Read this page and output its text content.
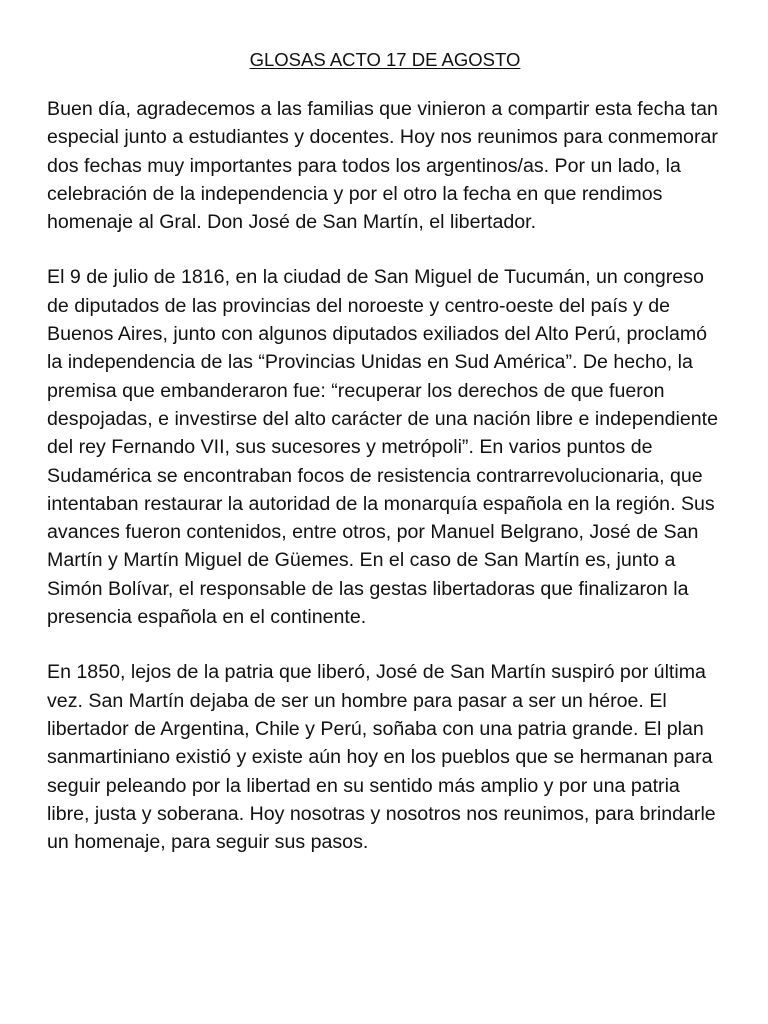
GLOSAS ACTO 17 DE AGOSTO

Buen día, agradecemos a las familias que vinieron a compartir esta fecha tan especial junto a estudiantes y docentes. Hoy nos reunimos para conmemorar dos fechas muy importantes para todos los argentinos/as. Por un lado, la celebración de la independencia y por el otro la fecha en que rendimos homenaje al Gral. Don José de San Martín, el libertador.

El 9 de julio de 1816, en la ciudad de San Miguel de Tucumán, un congreso de diputados de las provincias del noroeste y centro-oeste del país y de Buenos Aires, junto con algunos diputados exiliados del Alto Perú, proclamó la independencia de las “Provincias Unidas en Sud América”. De hecho, la premisa que embanderaron fue: “recuperar los derechos de que fueron despojadas, e investirse del alto carácter de una nación libre e independiente del rey Fernando VII, sus sucesores y metrópoli”. En varios puntos de Sudamérica se encontraban focos de resistencia contrarrevolucionaria, que intentaban restaurar la autoridad de la monarquía española en la región. Sus avances fueron contenidos, entre otros, por Manuel Belgrano, José de San Martín y Martín Miguel de Güemes. En el caso de San Martín es, junto a Simón Bolívar, el responsable de las gestas libertadoras que finalizaron la presencia española en el continente.

En 1850, lejos de la patria que liberó, José de San Martín suspiró por última vez. San Martín dejaba de ser un hombre para pasar a ser un héroe. El libertador de Argentina, Chile y Perú, soñaba con una patria grande. El plan sanmartiniano existió y existe aún hoy en los pueblos que se hermanan para seguir peleando por la libertad en su sentido más amplio y por una patria libre, justa y soberana. Hoy nosotras y nosotros nos reunimos, para brindarle un homenaje, para seguir sus pasos.
